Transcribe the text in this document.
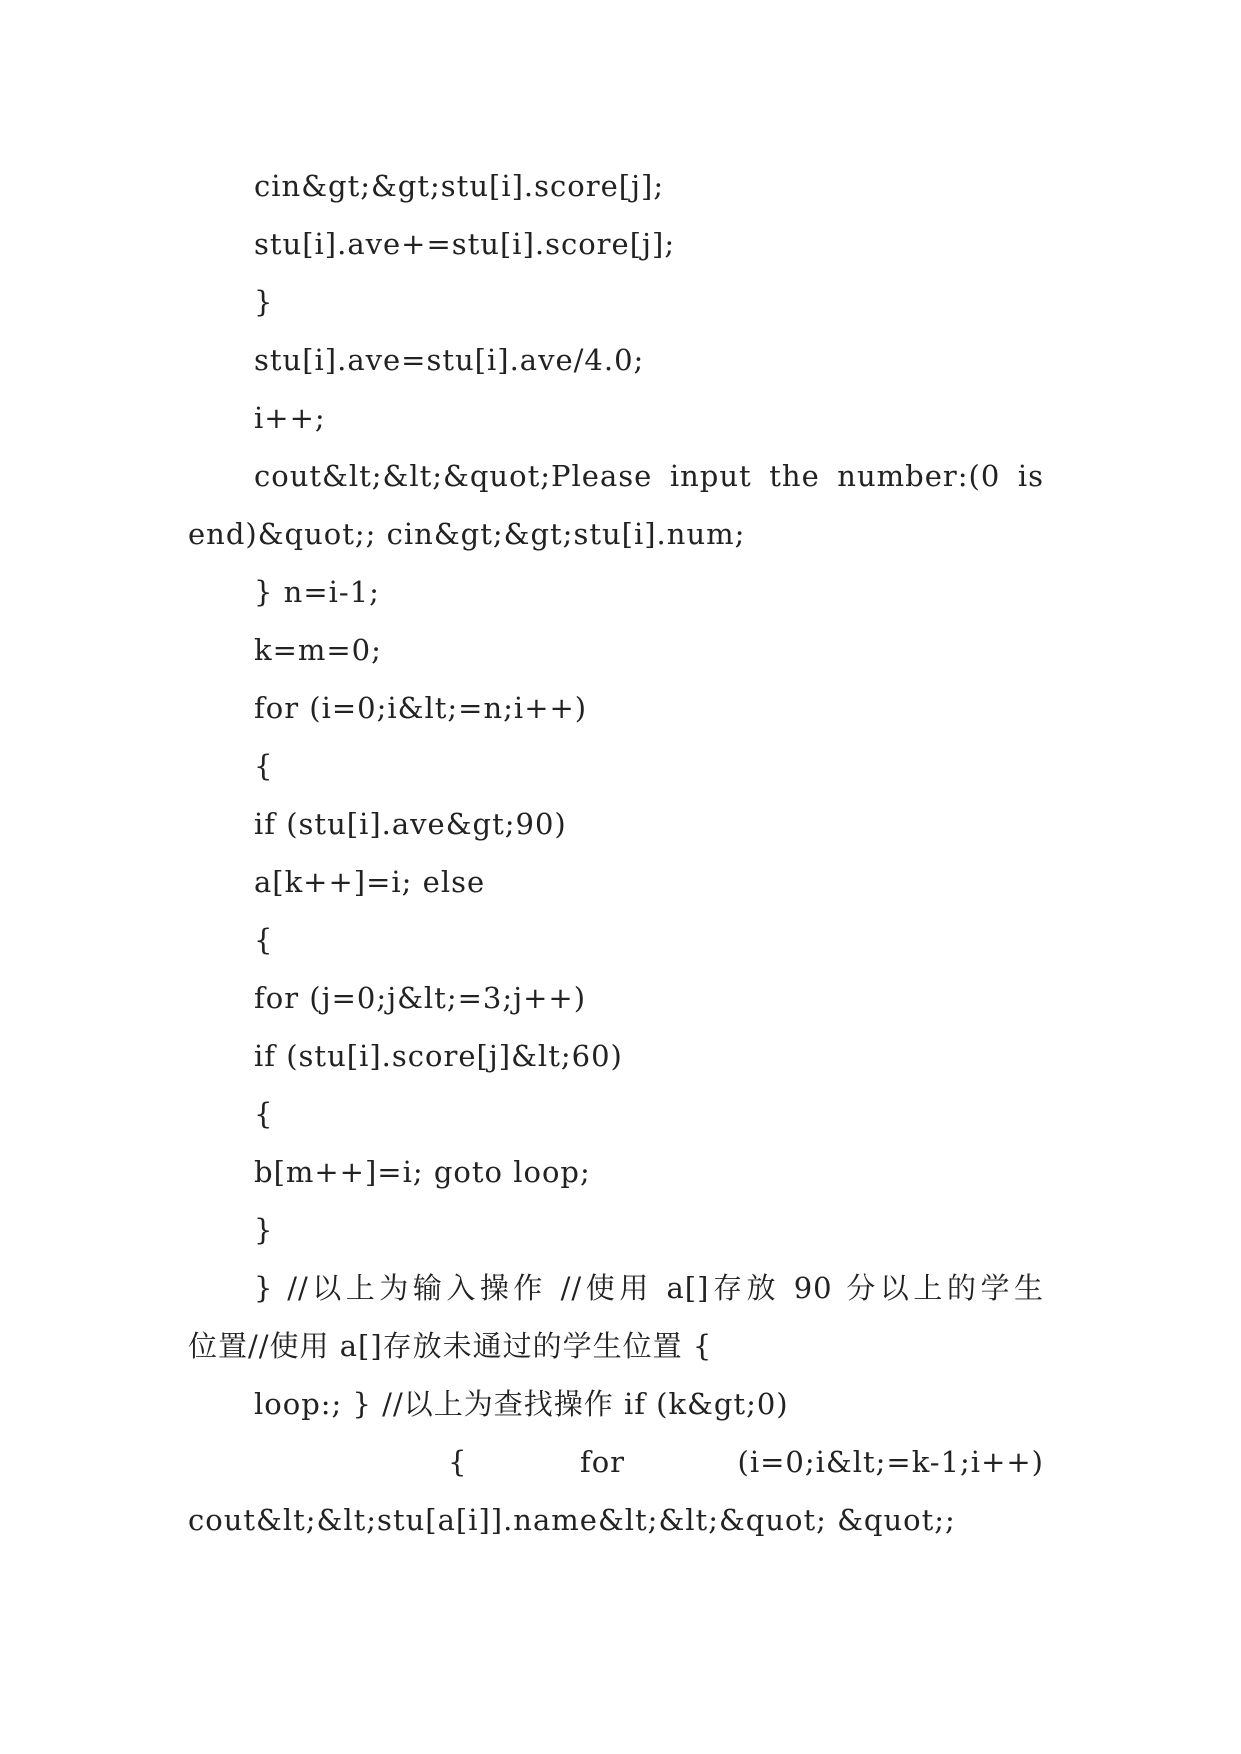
cin&gt;&gt;stu[i].score[j];
stu[i].ave+=stu[i].score[j];
}
stu[i].ave=stu[i].ave/4.0;
i++;
cout&lt;&lt;&quot;Please input the number:(0 is
end)&quot;; cin&gt;&gt;stu[i].num;
} n=i-1;
k=m=0;
for (i=0;i&lt;=n;i++)
{
if (stu[i].ave&gt;90)
a[k++]=i; else
{
for (j=0;j&lt;=3;j++)
if (stu[i].score[j]&lt;60)
{
b[m++]=i; goto loop;
}
} //以上为输入操作 //使用 a[]存放 90 分以上的学生
位置//使用 a[]存放未通过的学生位置 {
loop:; } //以上为查找操作 if (k&gt;0)
{ for (i=0;i&lt;=k-1;i++)
cout&lt;&lt;stu[a[i]].name&lt;&lt;&quot; &quot;;
